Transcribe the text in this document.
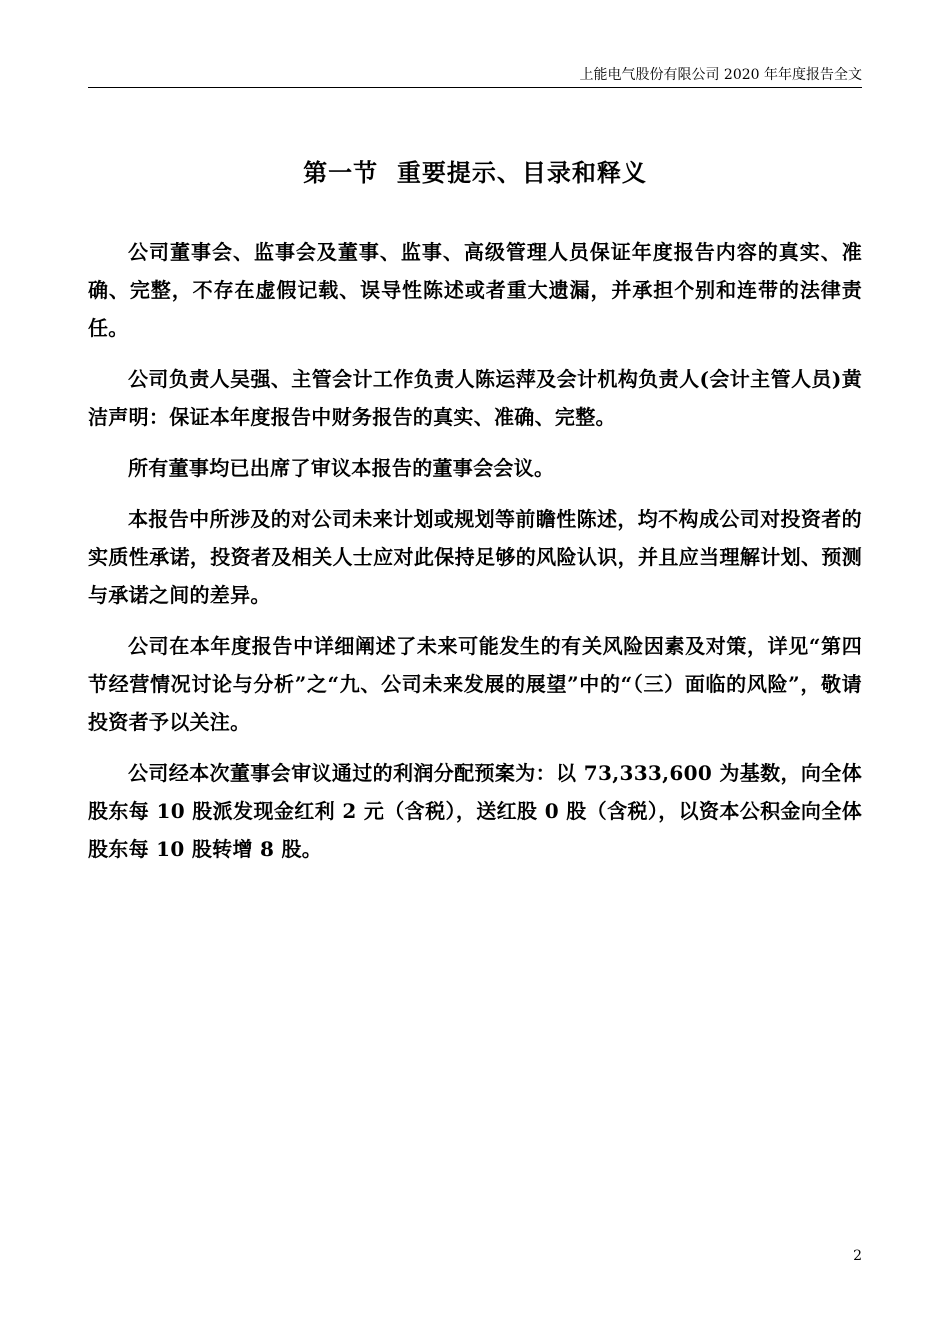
上能电气股份有限公司 2020 年年度报告全文
第一节  重要提示、目录和释义

公司董事会、监事会及董事、监事、高级管理人员保证年度报告内容的真实、准确、完整，不存在虚假记载、误导性陈述或者重大遗漏，并承担个别和连带的法律责任。

公司负责人吴强、主管会计工作负责人陈运萍及会计机构负责人(会计主管人员)黄洁声明：保证本年度报告中财务报告的真实、准确、完整。

所有董事均已出席了审议本报告的董事会会议。

本报告中所涉及的对公司未来计划或规划等前瞻性陈述，均不构成公司对投资者的实质性承诺，投资者及相关人士应对此保持足够的风险认识，并且应当理解计划、预测与承诺之间的差异。

公司在本年度报告中详细阐述了未来可能发生的有关风险因素及对策，详见“第四节经营情况讨论与分析”之“九、公司未来发展的展望”中的“（三）面临的风险”，敬请投资者予以关注。

公司经本次董事会审议通过的利润分配预案为：以 73,333,600 为基数，向全体股东每 10 股派发现金红利 2 元（含税），送红股 0 股（含税），以资本公积金向全体股东每 10 股转增 8 股。

2
